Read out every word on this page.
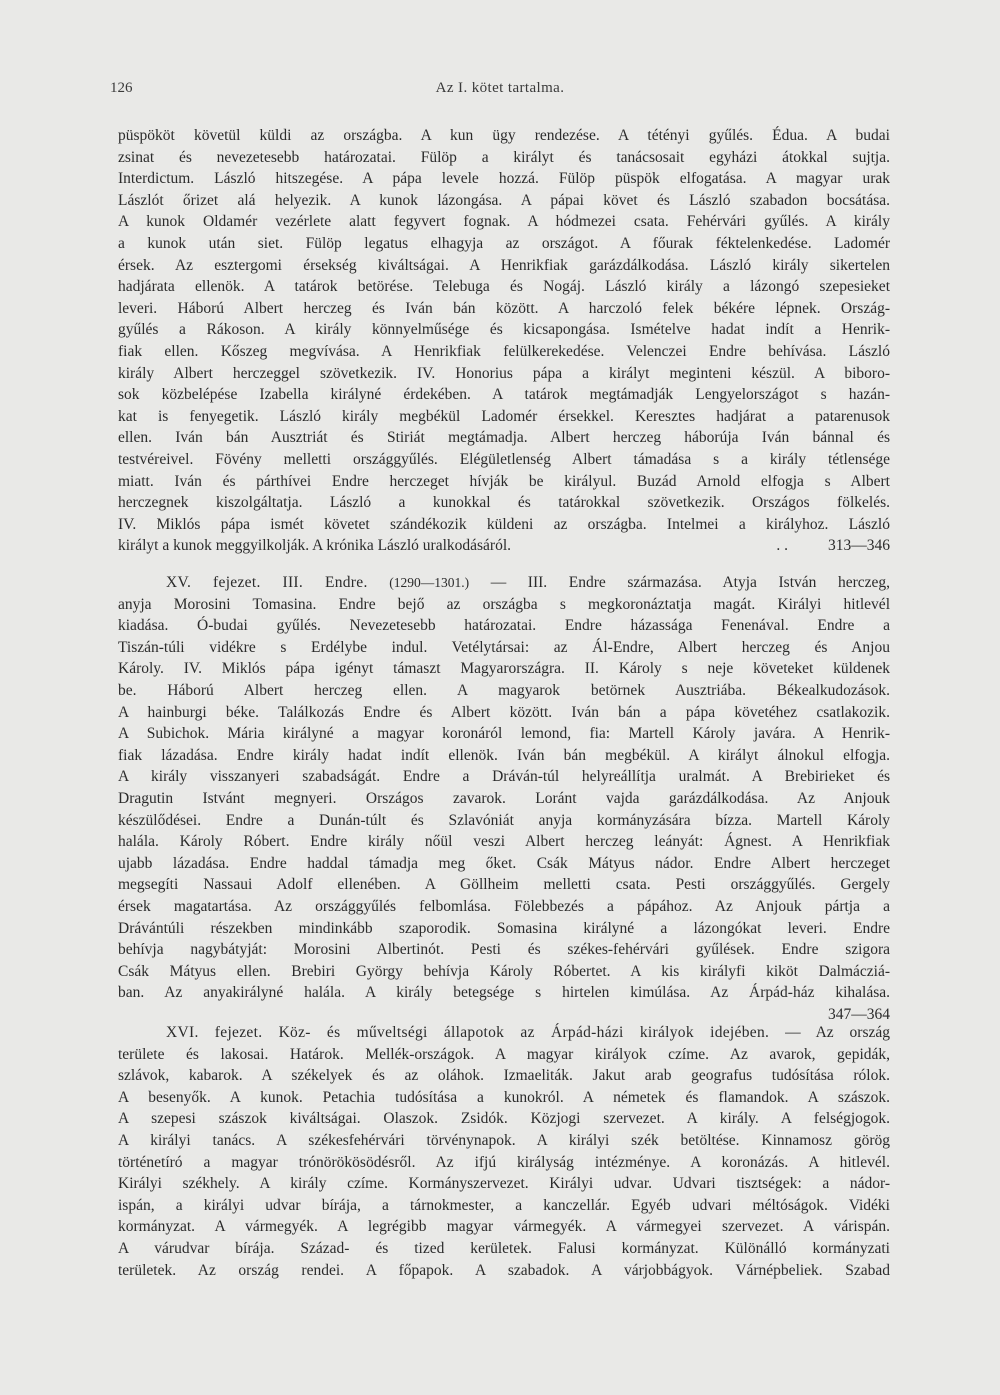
126	Az I. kötet tartalma.
püspököt követül küldi az országba. A kun ügy rendezése. A tétényi gyűlés. Édua. A budai
zsinat és nevezetesebb határozatai. Fülöp a királyt és tanácsosait egyházi átokkal sujtja.
Interdictum. László hitszegése. A pápa levele hozzá. Fülöp püspök elfogatása. A magyar urak
Lászlót őrizet alá helyezik. A kunok lázongása. A pápai követ és László szabadon bocsátása.
A kunok Oldamér vezérlete alatt fegyvert fognak. A hódmezei csata. Fehérvári gyűlés. A király
a kunok után siet. Fülöp legatus elhagyja az országot. A főurak féktelenkedése. Ladomér
érsek. Az esztergomi érsekség kiváltságai. A Henrikfiak garázdálkodása. László király sikertelen
hadjárata ellenök. A tatárok betörése. Telebuga és Nogáj. László király a lázongó szepesieket
leveri. Háború Albert herczeg és Iván bán között. A harczoló felek békére lépnek. Ország-
gyűlés a Rákoson. A király könnyelműsége és kicsapongása. Ismételve hadat indít a Henrik-
fiak ellen. Kőszeg megvívása. A Henrikfiak felülkerekedése. Velenczei Endre behívása. László
király Albert herczeggel szövetkezik. IV. Honorius pápa a királyt meginteni készül. A biboro-
sok közbelépése Izabella királyné érdekében. A tatárok megtámadják Lengyelországot s hazán-
kat is fenyegetik. László király megbékül Ladomér érsekkel. Keresztes hadjárat a patarenusok
ellen. Iván bán Ausztriát és Stiriát megtámadja. Albert herczeg háborúja Iván bánnal és
testvéreivel. Fövény melletti országgyűlés. Elégületlenség Albert támadása s a király tétlensége
miatt. Iván és párthívei Endre herczeget hívják be királyul. Buzád Arnold elfogja s Albert
herczegnek kiszolgáltatja. László a kunokkal és tatárokkal szövetkezik. Országos fölkelés.
IV. Miklós pápa ismét követet szándékozik küldeni az országba. Intelmei a királyhoz. László
királyt a kunok meggyilkolják. A krónika László uralkodásáról.	. .	313—346
XV. fejezet. III. Endre. (1290—1301.) — III. Endre származása. Atyja István herczeg,
anyja Morosini Tomasina. Endre bejő az országba s megkoronáztatja magát. Királyi hitlevél
kiadása. Ó-budai gyűlés. Nevezetesebb határozatai. Endre házassága Fenenával. Endre a
Tiszán-túli vidékre s Erdélybe indul. Vetélytársai: az Ál-Endre, Albert herczeg és Anjou
Károly. IV. Miklós pápa igényt támaszt Magyarországra. II. Károly s neje követeket küldenek
be. Háború Albert herczeg ellen. A magyarok betörnek Ausztriába. Békealkudozások.
A hainburgi béke. Találkozás Endre és Albert között. Iván bán a pápa követéhez csatlakozik.
A Subichok. Mária királyné a magyar koronáról lemond, fia: Martell Károly javára. A Henrik-
fiak lázadása. Endre király hadat indít ellenök. Iván bán megbékül. A királyt álnokul elfogja.
A király visszanyeri szabadságát. Endre a Dráván-túl helyreállítja uralmát. A Brebirieket és
Dragutin Istvánt megnyeri. Országos zavarok. Loránt vajda garázdálkodása. Az Anjouk
készülődései. Endre a Dunán-túlt és Szlavóniát anyja kormányzására bízza. Martell Károly
halála. Károly Róbert. Endre király nőül veszi Albert herczeg leányát: Ágnest. A Henrikfiak
ujabb lázadása. Endre haddal támadja meg őket. Csák Mátyus nádor. Endre Albert herczeget
megsegíti Nassaui Adolf ellenében. A Göllheim melletti csata. Pesti országgyűlés. Gergely
érsek magatartása. Az országgyűlés felbomlása. Fölebbezés a pápához. Az Anjouk pártja a
Drávántúli részekben mindinkább szaporodik. Somasina királyné a lázongókat leveri. Endre
behívja nagybátyját: Morosini Albertinót. Pesti és székes-fehérvári gyűlések. Endre szigora
Csák Mátyus ellen. Brebiri György behívja Károly Róbertet. A kis királyfi kiköt Dalmácziá-
ban. Az anyakirályné halála. A király betegsége s hirtelen kimúlása. Az Árpád-ház kihalása.
347—364
XVI. fejezet. Köz- és műveltségi állapotok az Árpád-házi királyok idejében. — Az ország
területe és lakosai. Határok. Mellék-országok. A magyar királyok czíme. Az avarok, gepidák,
szlávok, kabarok. A székelyek és az oláhok. Izmaeliták. Jakut arab geografus tudósítása rólok.
A besenyők. A kunok. Petachia tudósítása a kunokról. A németek és flamandok. A szászok.
A szepesi szászok kiváltságai. Olaszok. Zsidók. Közjogi szervezet. A király. A felségjogok.
A királyi tanács. A székesfehérvári törvénynapok. A királyi szék betöltése. Kinnamosz görög
történetíró a magyar trónörökösödésről. Az ifjú királyság intézménye. A koronázás. A hitlevél.
Királyi székhely. A király czíme. Kormányszervezet. Királyi udvar. Udvari tisztségek: a nádor-
ispán, a királyi udvar bírája, a tárnokmester, a kanczellár. Egyéb udvari méltóságok. Vidéki
kormányzat. A vármegyék. A legrégibb magyar vármegyék. A vármegyei szervezet. A várispán.
A várudvar bírája. Század- és tized kerületek. Falusi kormányzat. Különálló kormányzati
területek. Az ország rendei. A főpapok. A szabadok. A várjobbágyok. Várnépbeliek. Szabad
